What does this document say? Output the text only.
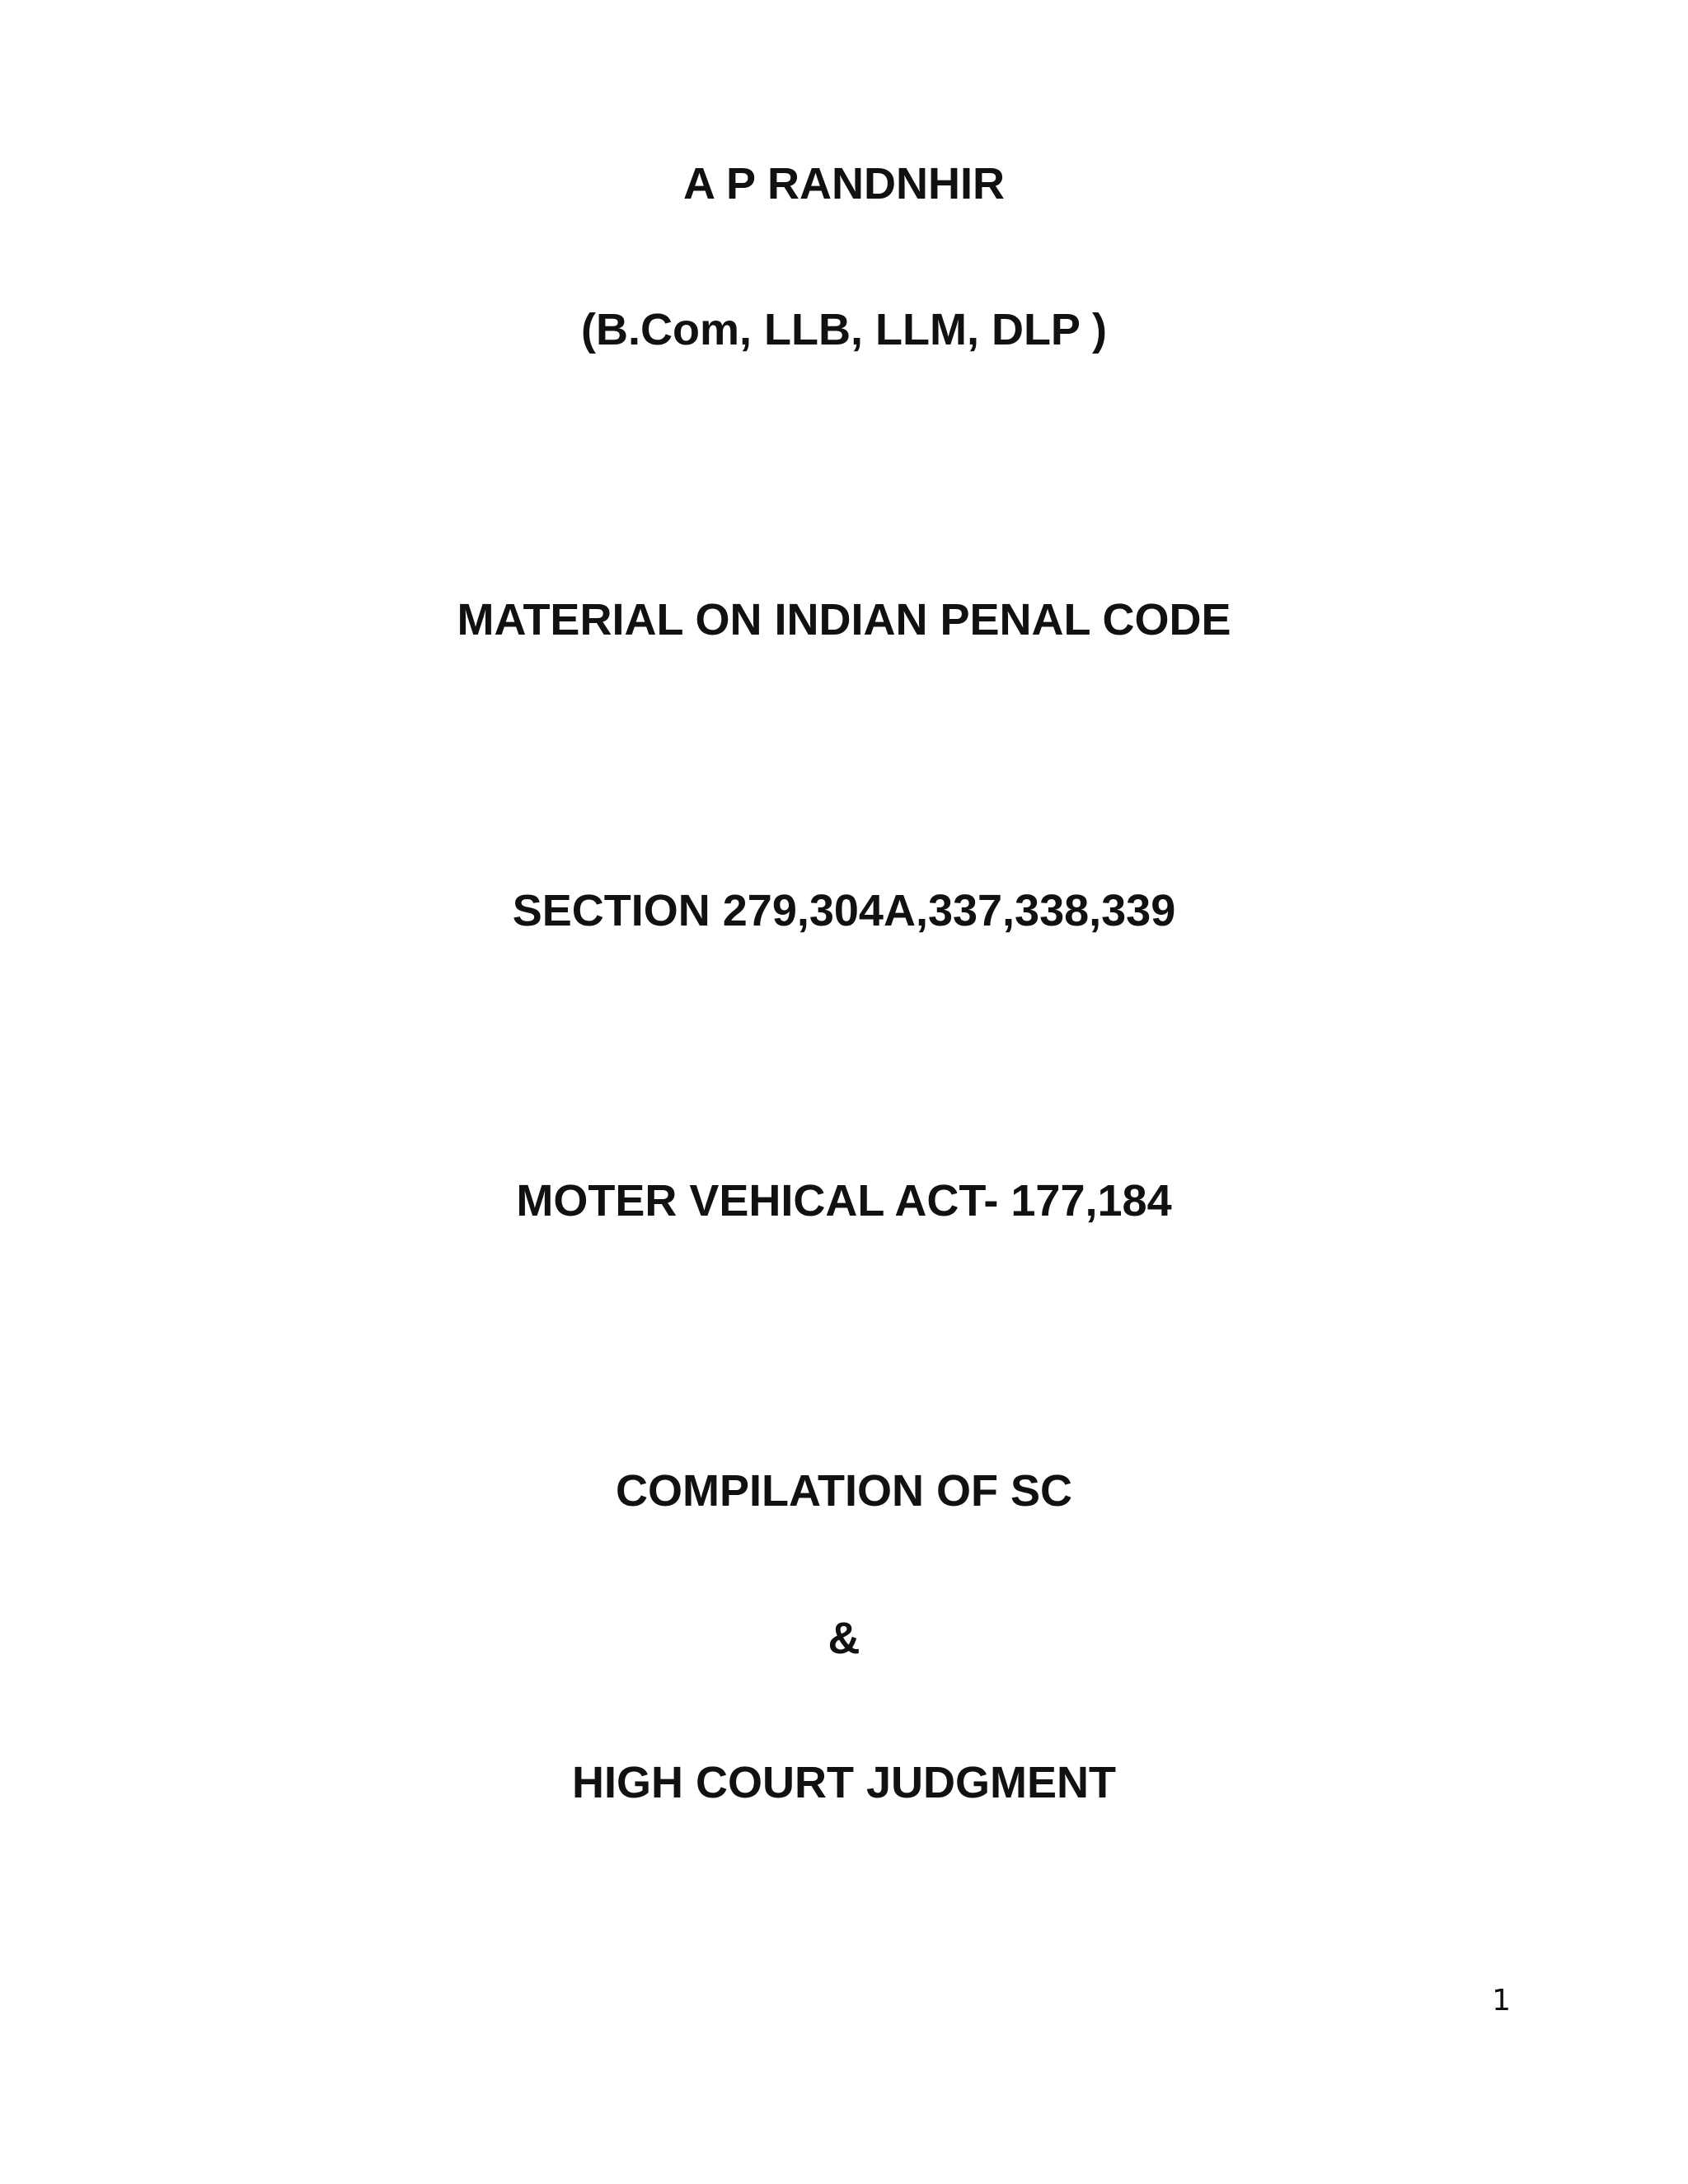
A P RANDNHIR
(B.Com, LLB, LLM, DLP )
MATERIAL ON INDIAN PENAL CODE
SECTION 279,304A,337,338,339
MOTER VEHICAL ACT- 177,184
COMPILATION OF SC
&
HIGH COURT JUDGMENT
1
